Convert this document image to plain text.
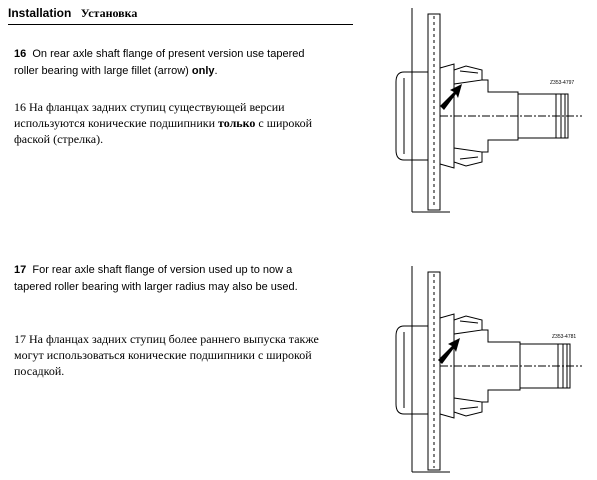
Installation Установка
16 On rear axle shaft flange of present version use tapered roller bearing with large fillet (arrow) only.
16 На фланцах задних ступиц существующей версии используются конические подшипники только с широкой фаской (стрелка).
17 For rear axle shaft flange of version used up to now a tapered roller bearing with larger radius may also be used.
17 На фланцах задних ступиц более раннего выпуска также могут использоваться конические подшипники с широкой посадкой.
Z353-4797
Z353-4781
